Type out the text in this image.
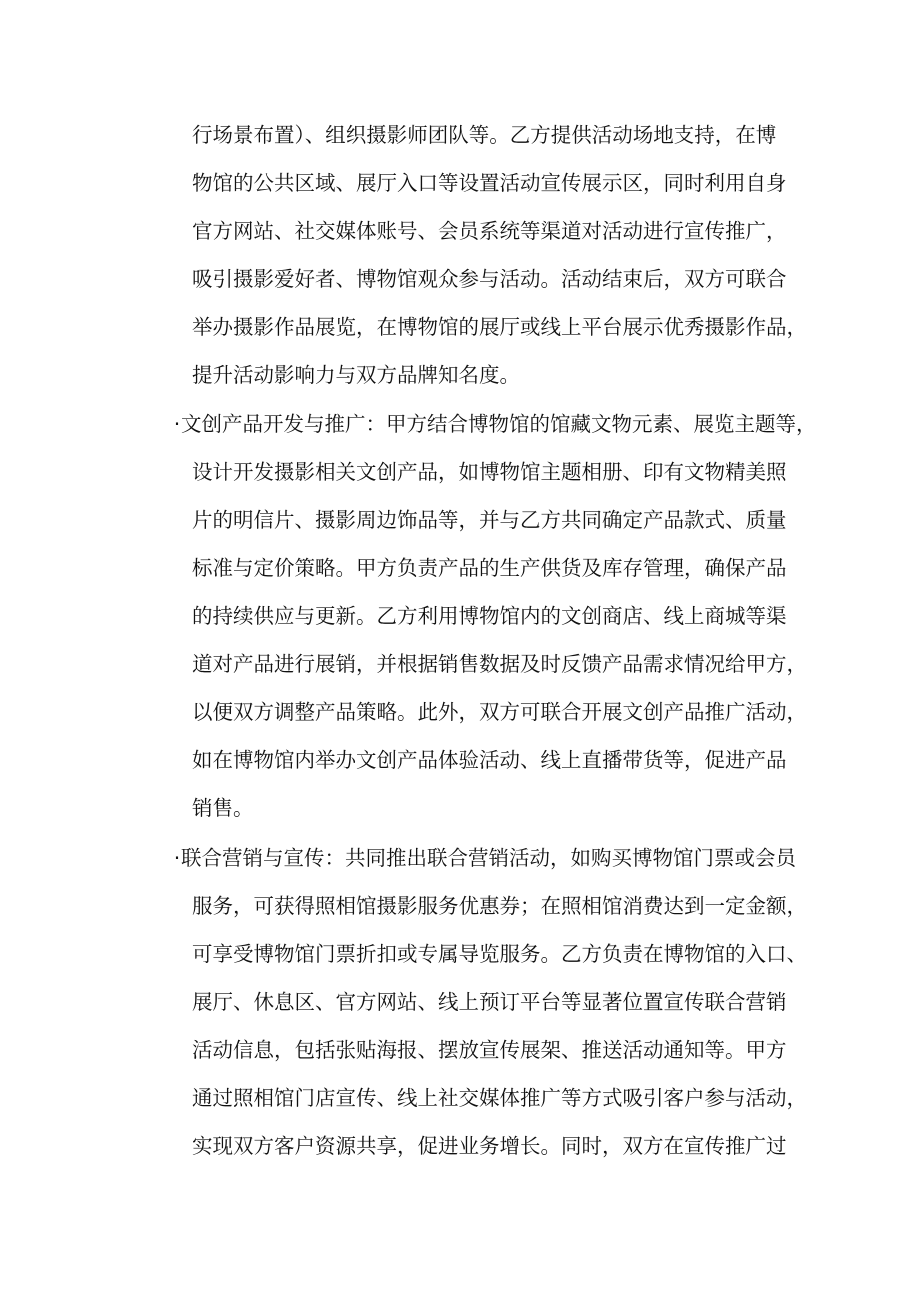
行场景布置）、组织摄影师团队等。乙方提供活动场地支持，在博
物馆的公共区域、展厅入口等设置活动宣传展示区，同时利用自身
官方网站、社交媒体账号、会员系统等渠道对活动进行宣传推广，
吸引摄影爱好者、博物馆观众参与活动。活动结束后，双方可联合
举办摄影作品展览，在博物馆的展厅或线上平台展示优秀摄影作品，
提升活动影响力与双方品牌知名度。
· 文创产品开发与推广：甲方结合博物馆的馆藏文物元素、展览主题等，
设计开发摄影相关文创产品，如博物馆主题相册、印有文物精美照
片的明信片、摄影周边饰品等，并与乙方共同确定产品款式、质量
标准与定价策略。甲方负责产品的生产供货及库存管理，确保产品
的持续供应与更新。乙方利用博物馆内的文创商店、线上商城等渠
道对产品进行展销，并根据销售数据及时反馈产品需求情况给甲方，
以便双方调整产品策略。此外，双方可联合开展文创产品推广活动，
如在博物馆内举办文创产品体验活动、线上直播带货等，促进产品
销售。
· 联合营销与宣传：共同推出联合营销活动，如购买博物馆门票或会员
服务，可获得照相馆摄影服务优惠券；在照相馆消费达到一定金额，
可享受博物馆门票折扣或专属导览服务。乙方负责在博物馆的入口、
展厅、休息区、官方网站、线上预订平台等显著位置宣传联合营销
活动信息，包括张贴海报、摆放宣传展架、推送活动通知等。甲方
通过照相馆门店宣传、线上社交媒体推广等方式吸引客户参与活动，
实现双方客户资源共享，促进业务增长。同时，双方在宣传推广过
